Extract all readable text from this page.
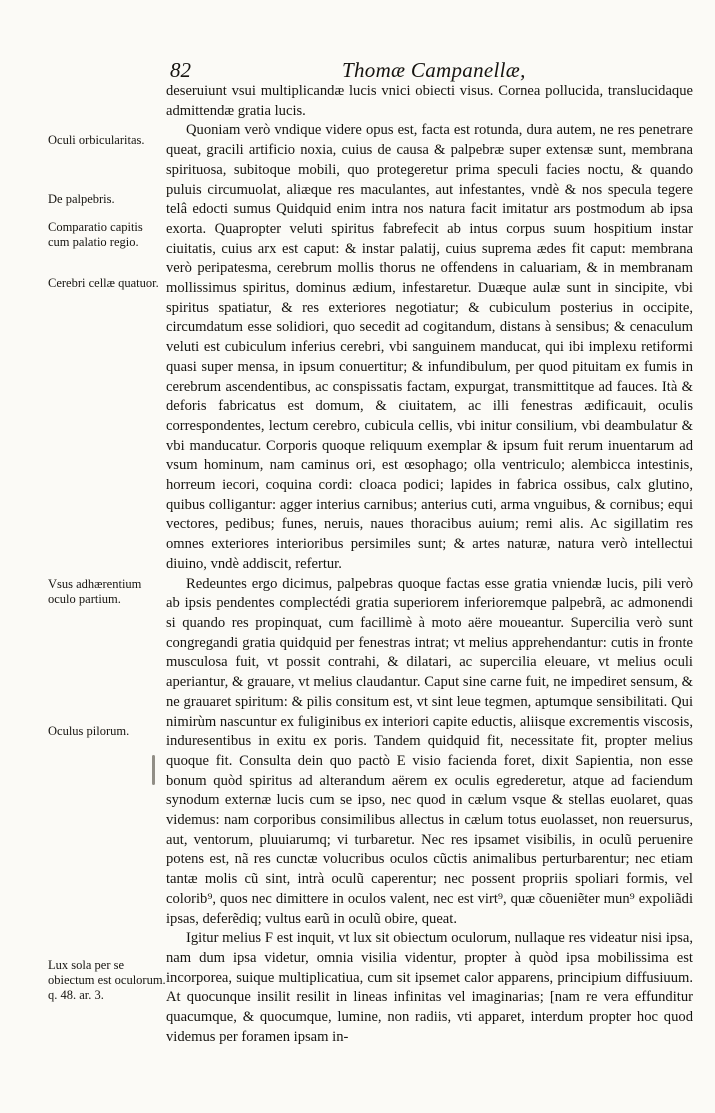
82	Thomæ Campanellæ,
Oculi orbicularitas.
De palpebris.
Comparatio capitis cum palatio regio.
Cerebri cellæ quatuor.
Vsus adhærentium oculo partium.
Oculus pilorum.
Lux sola per se obiectum est oculorum. q. 48. ar. 3.

deseruiunt vsui multiplicandæ lucis vnici obiecti visus. Cornea pollucida, translucidaque admittendæ gratia lucis.

Quoniam verò vndique videre opus est, facta est rotunda, dura autem, ne res penetrare queat, gracili artificio noxia, cuius de causa & palpebræ super extensæ sunt, membrana spirituosa, subitoque mobili, quo protegeretur prima speculi facies noctu, & quando puluis circumuolat, aliæque res maculantes, aut infestantes, vndè & nos specula tegere telâ edocti sumus Quidquid enim intra nos natura facit imitatur ars postmodum ab ipsa exorta. Quapropter veluti spiritus fabrefecit ab intus corpus suum hospitium instar ciuitatis, cuius arx est caput: & instar palatij, cuius suprema ædes fit caput: membrana verò peripatesma, cerebrum mollis thorus ne offendens in caluariam, & in membranam mollissimus spiritus, dominus ædium, infestaretur. Duæque aulæ sunt in sincipite, vbi spiritus spatiatur, & res exteriores negotiatur; & cubiculum posterius in occipite, circumdatum esse solidiori, quo secedit ad cogitandum, distans à sensibus; & cenaculum veluti est cubiculum inferius cerebri, vbi sanguinem manducat, qui ibi implexu retiformi quasi super mensa, in ipsum conuertitur; & infundibulum, per quod pituitam ex fumis in cerebrum ascendentibus, ac conspissatis factam, expurgat, transmittitque ad fauces. Ità & deforis fabricatus est domum, & ciuitatem, ac illi fenestras ædificauit, oculis correspondentes, lectum cerebro, cubicula cellis, vbi initur consilium, vbi deambulatur & vbi manducatur. Corporis quoque reliquum exemplar & ipsum fuit rerum inuentarum ad vsum hominum, nam caminus ori, est œsophago; olla ventriculo; alembicca intestinis, horreum iecori, coquina cordi: cloaca podici; lapides in fabrica ossibus, calx glutino, quibus colligantur: agger interius carnibus; anterius cuti, arma vnguibus, & cornibus; equi vectores, pedibus; funes, neruis, naues thoracibus auium; remi alis. Ac sigillatim res omnes exteriores interioribus persimiles sunt; & artes naturæ, natura verò intellectui diuino, vndè addiscit, refertur.

Redeuntes ergo dicimus, palpebras quoque factas esse gratia vniendæ lucis, pili verò ab ipsis pendentes complectédi gratia superiorem inferioremque palpebrã, ac admonendi si quando res propinquat, cum facillimè à moto aëre moueantur. Supercilia verò sunt congregandi gratia quidquid per fenestras intrat; vt melius apprehendantur: cutis in fronte musculosa fuit, vt possit contrahi, & dilatari, ac supercilia eleuare, vt melius oculi aperiantur, & grauare, vt melius claudantur. Caput sine carne fuit, ne impediret sensum, & ne grauaret spiritum: & pilis consitum est, vt sint leue tegmen, aptumque sensibilitati. Qui nimirùm nascuntur ex fuliginibus ex interiori capite eductis, aliisque excrementis viscosis, induresentibus in exitu ex poris. Tandem quidquid fit, necessitate fit, propter melius quoque fit. Consulta dein quo pactò E visio facienda foret, dixit Sapientia, non esse bonum quòd spiritus ad alterandum aërem ex oculis egrederetur, atque ad faciendum synodum externæ lucis cum se ipso, nec quod in cælum vsque & stellas euolaret, quas videmus: nam corporibus consimilibus allectus in cælum totus euolasset, non reuersurus, aut, ventorum, pluuiarumq; vi turbaretur. Nec res ipsamet visibilis, in oculũ peruenire potens est, nã res cunctæ volucribus oculos cũctis animalibus perturbarentur; nec etiam tantæ molis cũ sint, intrà oculũ caperentur; nec possent propriis spoliari formis, vel colorib⁹, quos nec dimittere in oculos valent, nec est virt⁹, quæ cõueniẽter mun⁹ expoliãdi ipsas, deferẽdiq; vultus earũ in oculũ obire, queat.

Igitur melius F est inquit, vt lux sit obiectum oculorum, nullaque res videatur nisi ipsa, nam dum ipsa videtur, omnia visilia videntur, propter à quòd ipsa mobilissima est incorporea, suique multiplicatiua, cum sit ipsemet calor apparens, principium diffusiuum. At quocunque insilit resilit in lineas infinitas vel imaginarias; [nam re vera effunditur quacumque, & quocumque, lumine, non radiis, vti apparet, interdum propter hoc quod videmus per foramen ipsam in-
